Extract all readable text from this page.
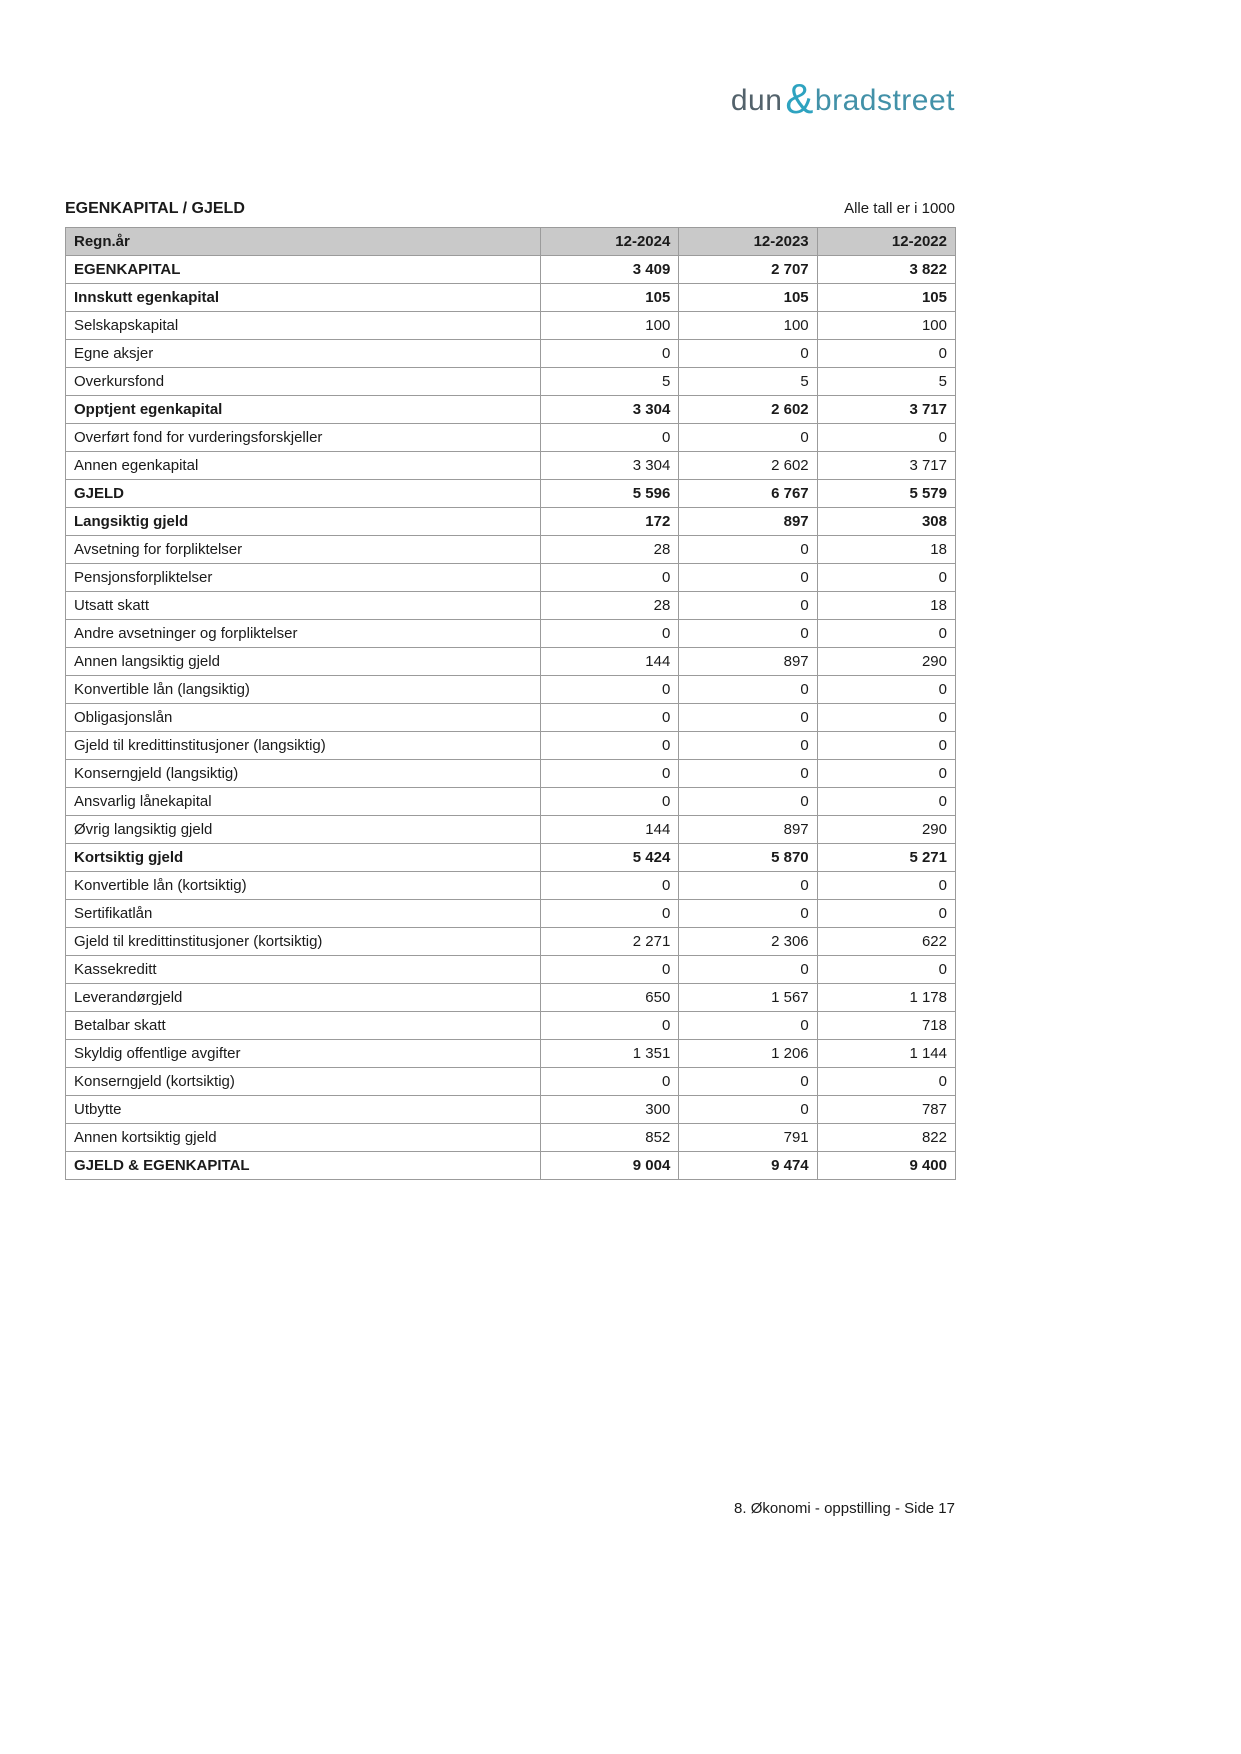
dun & bradstreet
EGENKAPITAL / GJELD	Alle tall er i 1000
Regn.år	12-2024	12-2023	12-2022
EGENKAPITAL	3 409	2 707	3 822
Innskutt egenkapital	105	105	105
Selskapskapital	100	100	100
Egne aksjer	0	0	0
Overkursfond	5	5	5
Opptjent egenkapital	3 304	2 602	3 717
Overført fond for vurderingsforskjeller	0	0	0
Annen egenkapital	3 304	2 602	3 717
GJELD	5 596	6 767	5 579
Langsiktig gjeld	172	897	308
Avsetning for forpliktelser	28	0	18
Pensjonsforpliktelser	0	0	0
Utsatt skatt	28	0	18
Andre avsetninger og forpliktelser	0	0	0
Annen langsiktig gjeld	144	897	290
Konvertible lån (langsiktig)	0	0	0
Obligasjonslån	0	0	0
Gjeld til kredittinstitusjoner (langsiktig)	0	0	0
Konserngjeld (langsiktig)	0	0	0
Ansvarlig lånekapital	0	0	0
Øvrig langsiktig gjeld	144	897	290
Kortsiktig gjeld	5 424	5 870	5 271
Konvertible lån (kortsiktig)	0	0	0
Sertifikatlån	0	0	0
Gjeld til kredittinstitusjoner (kortsiktig)	2 271	2 306	622
Kassekreditt	0	0	0
Leverandørgjeld	650	1 567	1 178
Betalbar skatt	0	0	718
Skyldig offentlige avgifter	1 351	1 206	1 144
Konserngjeld (kortsiktig)	0	0	0
Utbytte	300	0	787
Annen kortsiktig gjeld	852	791	822
GJELD & EGENKAPITAL	9 004	9 474	9 400
8. Økonomi - oppstilling - Side 17
